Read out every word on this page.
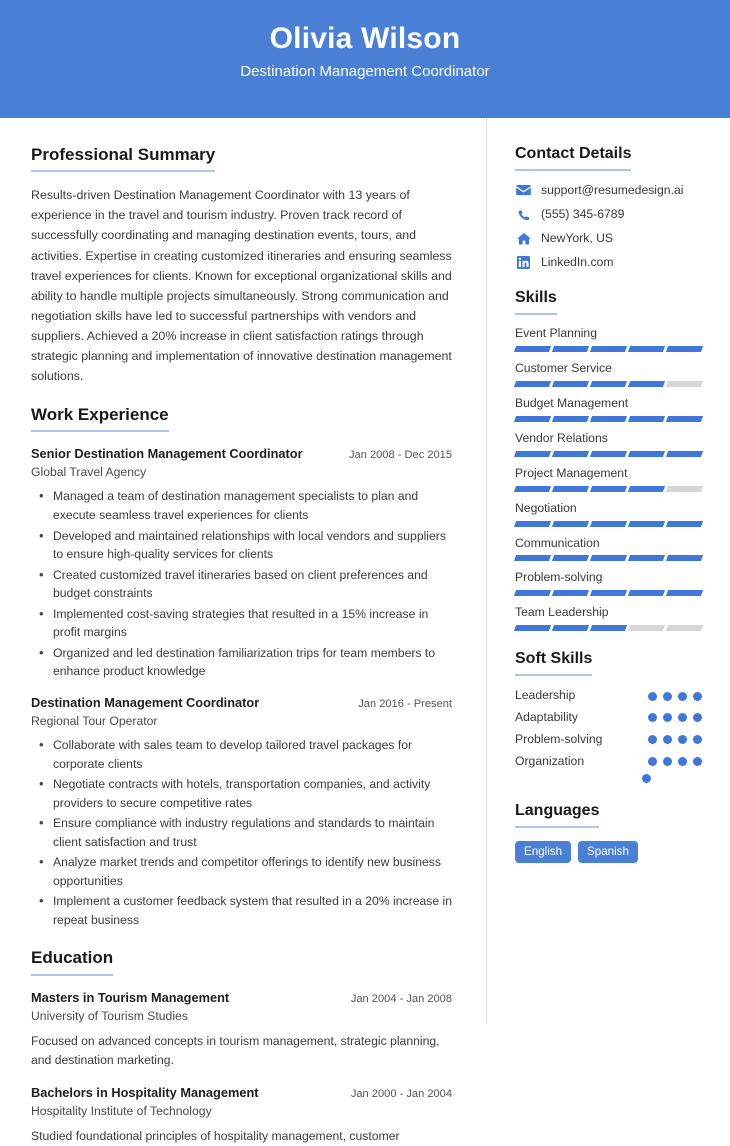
Olivia Wilson
Destination Management Coordinator
Professional Summary
Results-driven Destination Management Coordinator with 13 years of experience in the travel and tourism industry. Proven track record of successfully coordinating and managing destination events, tours, and activities. Expertise in creating customized itineraries and ensuring seamless travel experiences for clients. Known for exceptional organizational skills and ability to handle multiple projects simultaneously. Strong communication and negotiation skills have led to successful partnerships with vendors and suppliers. Achieved a 20% increase in client satisfaction ratings through strategic planning and implementation of innovative destination management solutions.
Work Experience
Senior Destination Management Coordinator	Jan 2008 - Dec 2015
Global Travel Agency
• Managed a team of destination management specialists to plan and execute seamless travel experiences for clients
• Developed and maintained relationships with local vendors and suppliers to ensure high-quality services for clients
• Created customized travel itineraries based on client preferences and budget constraints
• Implemented cost-saving strategies that resulted in a 15% increase in profit margins
• Organized and led destination familiarization trips for team members to enhance product knowledge
Destination Management Coordinator	Jan 2016 - Present
Regional Tour Operator
• Collaborate with sales team to develop tailored travel packages for corporate clients
• Negotiate contracts with hotels, transportation companies, and activity providers to secure competitive rates
• Ensure compliance with industry regulations and standards to maintain client satisfaction and trust
• Analyze market trends and competitor offerings to identify new business opportunities
• Implement a customer feedback system that resulted in a 20% increase in repeat business
Education
Masters in Tourism Management	Jan 2004 - Jan 2008
University of Tourism Studies
Focused on advanced concepts in tourism management, strategic planning, and destination marketing.
Bachelors in Hospitality Management	Jan 2000 - Jan 2004
Hospitality Institute of Technology
Studied foundational principles of hospitality management, customer
Contact Details
support@resumedesign.ai
(555) 345-6789
NewYork, US
LinkedIn.com
Skills
Event Planning
Customer Service
Budget Management
Vendor Relations
Project Management
Negotiation
Communication
Problem-solving
Team Leadership
Soft Skills
Leadership
Adaptability
Problem-solving
Organization
Languages
English	Spanish
